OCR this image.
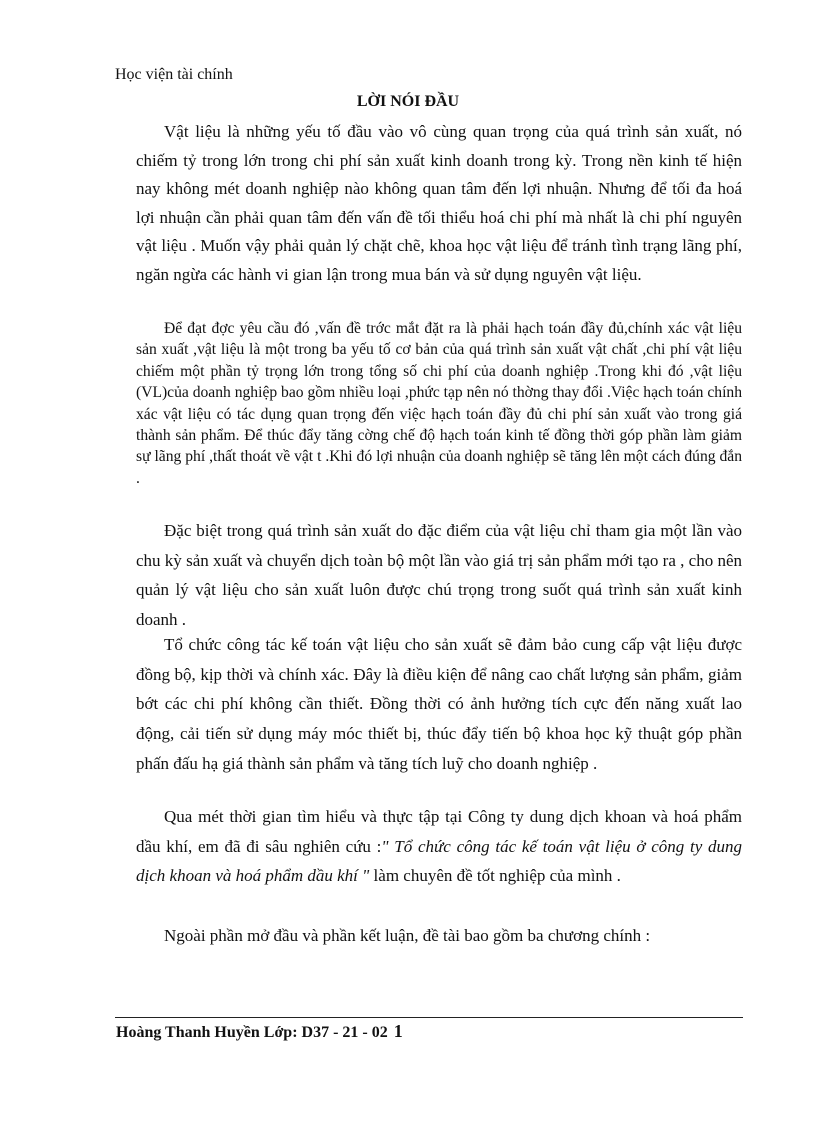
Học viện tài chính
LỜI NÓI ĐẦU

Vật liệu là những yếu tố đầu vào vô cùng quan trọng của quá trình sản xuất, nó chiếm tỷ trong lớn trong chi phí sản xuất kinh doanh trong kỳ. Trong nền kinh tế hiện nay không mét doanh nghiệp nào không quan tâm đến lợi nhuận. Nhưng để tối đa hoá lợi nhuận cần phải quan tâm đến vấn đề tối thiểu hoá chi phí mà nhất là chi phí nguyên vật liệu . Muốn vậy phải quản lý chặt chẽ, khoa học vật liệu để tránh tình trạng lãng phí, ngăn ngừa các hành vi gian lận trong mua bán và sử dụng nguyên vật liệu.

Để đạt đợc yêu cầu đó ,vấn đề trớc mắt đặt ra là phải hạch toán đầy đủ,chính xác vật liệu sản xuất ,vật liệu là một trong ba yếu tố cơ bản của quá trình sản xuất vật chất ,chi phí vật liệu chiếm một phần tỷ trọng lớn trong tổng số chi phí của doanh nghiệp .Trong khi đó ,vật liệu (VL)của doanh nghiệp bao gồm nhiều loại ,phức tạp nên nó thờng thay đổi .Việc hạch toán chính xác vật liệu có tác dụng quan trọng đến việc hạch toán đầy đủ chi phí sản xuất vào trong giá thành sản phẩm. Để thúc đẩy tăng cờng chế độ hạch toán kinh tế đồng thời góp phần làm giảm sự lãng phí ,thất thoát về vật t .Khi đó lợi nhuận của doanh nghiệp sẽ tăng lên một cách đúng đắn .

Đặc biệt trong quá trình sản xuất do đặc điểm của vật liệu chỉ tham gia một lần vào chu kỳ sản xuất và chuyển dịch toàn bộ một lần vào giá trị sản phẩm mới tạo ra , cho nên quản lý vật liệu cho sản xuất luôn được chú trọng trong suốt quá trình sản xuất kinh doanh .

Tổ chức công tác kế toán vật liệu cho sản xuất sẽ đảm bảo cung cấp vật liệu được đồng bộ, kịp thời và chính xác. Đây là điều kiện để nâng cao chất lượng sản phẩm, giảm bớt các chi phí không cần thiết. Đồng thời có ảnh hưởng tích cực đến năng xuất lao động, cải tiến sử dụng máy móc thiết bị, thúc đẩy tiến bộ khoa học kỹ thuật góp phần phấn đấu hạ giá thành sản phẩm và tăng tích luỹ cho doanh nghiệp .

Qua mét thời gian tìm hiểu và thực tập tại Công ty dung dịch khoan và hoá phẩm dầu khí, em đã đi sâu nghiên cứu :" Tổ chức công tác kế toán vật liệu ở công ty dung dịch khoan và hoá phẩm dầu khí " làm chuyên đề tốt nghiệp của mình .

Ngoài phần mở đầu và phần kết luận, đề tài bao gồm ba chương chính :

Hoàng Thanh Huyền Lớp: D37 - 21 - 02 1
